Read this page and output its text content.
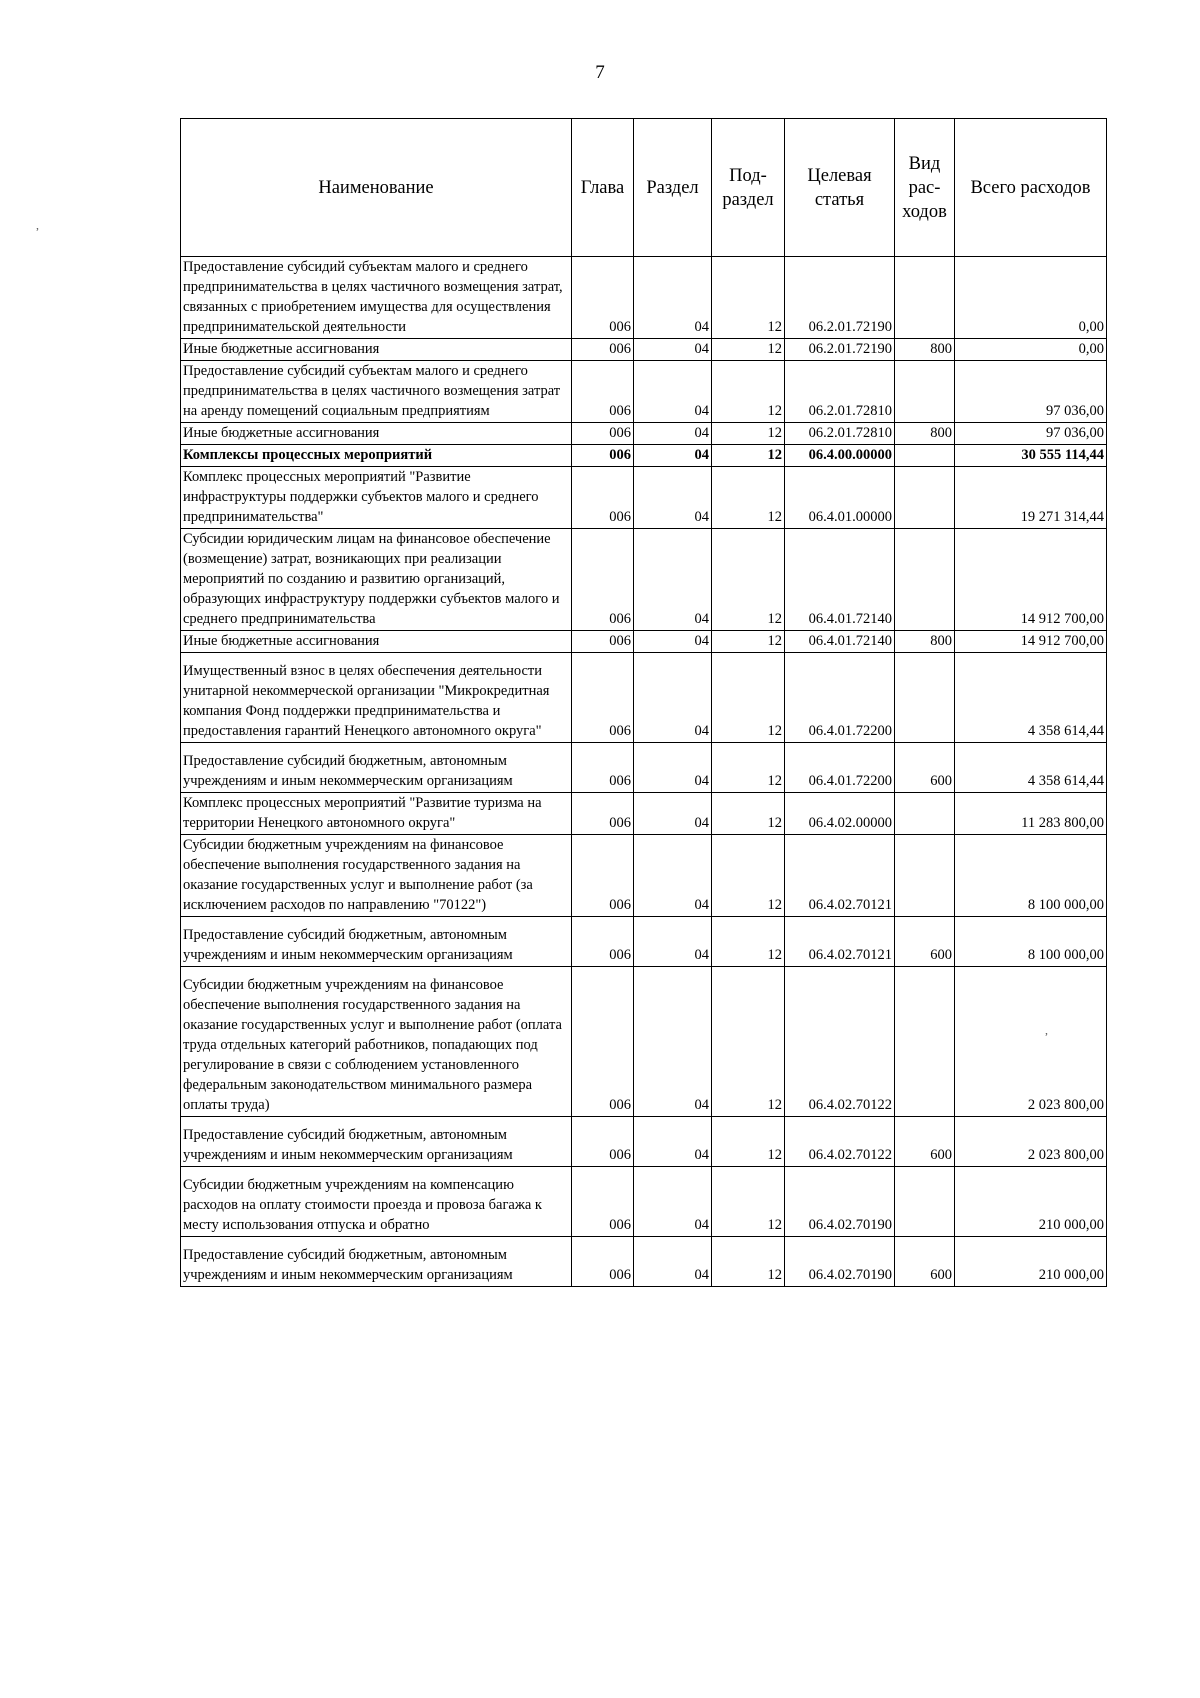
7
,
,
Наименование	Глава	Раздел	Под-раздел	Целевая статья	Вид рас-ходов	Всего расходов
Предоставление субсидий субъектам малого и среднего предпринимательства в целях частичного возмещения затрат, связанных с приобретением имущества для осуществления предпринимательской деятельности	006	04	12	06.2.01.72190		0,00
Иные бюджетные ассигнования	006	04	12	06.2.01.72190	800	0,00
Предоставление субсидий субъектам малого и среднего предпринимательства в целях частичного возмещения затрат на аренду помещений социальным предприятиям	006	04	12	06.2.01.72810		97 036,00
Иные бюджетные ассигнования	006	04	12	06.2.01.72810	800	97 036,00
Комплексы процессных мероприятий	006	04	12	06.4.00.00000		30 555 114,44
Комплекс процессных мероприятий "Развитие инфраструктуры поддержки субъектов малого и среднего предпринимательства"	006	04	12	06.4.01.00000		19 271 314,44
Субсидии юридическим лицам на финансовое обеспечение (возмещение) затрат, возникающих при реализации мероприятий по созданию и развитию организаций, образующих инфраструктуру поддержки субъектов малого и среднего предпринимательства	006	04	12	06.4.01.72140		14 912 700,00
Иные бюджетные ассигнования	006	04	12	06.4.01.72140	800	14 912 700,00
Имущественный взнос в целях обеспечения деятельности унитарной некоммерческой организации "Микрокредитная компания Фонд поддержки предпринимательства и предоставления гарантий Ненецкого автономного округа"	006	04	12	06.4.01.72200		4 358 614,44
Предоставление субсидий бюджетным, автономным учреждениям и иным некоммерческим организациям	006	04	12	06.4.01.72200	600	4 358 614,44
Комплекс процессных мероприятий "Развитие туризма на территории Ненецкого автономного округа"	006	04	12	06.4.02.00000		11 283 800,00
Субсидии бюджетным учреждениям на финансовое обеспечение выполнения государственного задания на оказание государственных услуг и выполнение работ (за исключением расходов по направлению "70122")	006	04	12	06.4.02.70121		8 100 000,00
Предоставление субсидий бюджетным, автономным учреждениям и иным некоммерческим организациям	006	04	12	06.4.02.70121	600	8 100 000,00
Субсидии бюджетным учреждениям на финансовое обеспечение выполнения государственного задания на оказание государственных услуг и выполнение работ (оплата труда отдельных категорий работников, попадающих под регулирование в связи с соблюдением установленного федеральным законодательством минимального размера оплаты труда)	006	04	12	06.4.02.70122		2 023 800,00
Предоставление субсидий бюджетным, автономным учреждениям и иным некоммерческим организациям	006	04	12	06.4.02.70122	600	2 023 800,00
Субсидии бюджетным учреждениям на компенсацию расходов на оплату стоимости проезда и провоза багажа к месту использования отпуска и обратно	006	04	12	06.4.02.70190		210 000,00
Предоставление субсидий бюджетным, автономным учреждениям и иным некоммерческим организациям	006	04	12	06.4.02.70190	600	210 000,00
